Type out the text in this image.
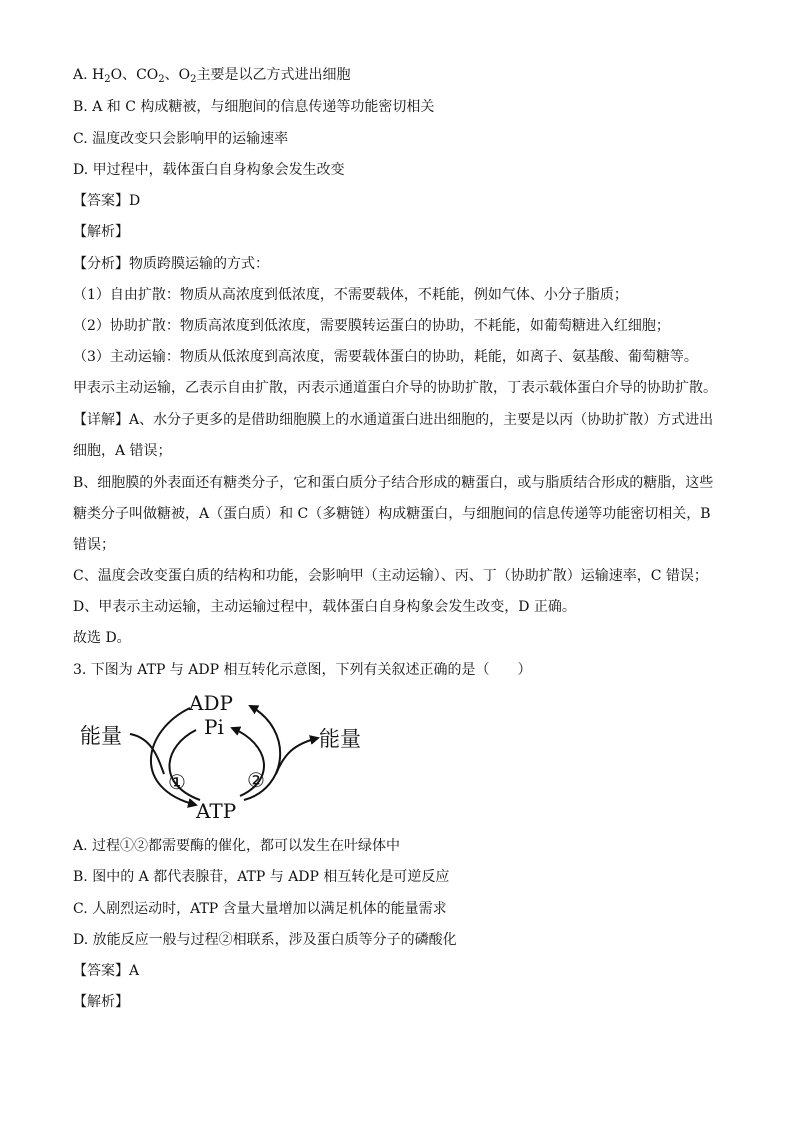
A. $H_2O$、$CO_2$、$O_2$主要是以乙方式进出细胞
B. A 和 C 构成糖被，与细胞间的信息传递等功能密切相关
C. 温度改变只会影响甲的运输速率
D. 甲过程中，载体蛋白自身构象会发生改变
【答案】D
【解析】
【分析】物质跨膜运输的方式：
（1）自由扩散：物质从高浓度到低浓度，不需要载体，不耗能，例如气体、小分子脂质；
（2）协助扩散：物质高浓度到低浓度，需要膜转运蛋白的协助，不耗能，如葡萄糖进入红细胞；
（3）主动运输：物质从低浓度到高浓度，需要载体蛋白的协助，耗能，如离子、氨基酸、葡萄糖等。
甲表示主动运输，乙表示自由扩散，丙表示通道蛋白介导的协助扩散，丁表示载体蛋白介导的协助扩散。
【详解】A、水分子更多的是借助细胞膜上的水通道蛋白进出细胞的，主要是以丙（协助扩散）方式进出
细胞，A 错误；
B、细胞膜的外表面还有糖类分子，它和蛋白质分子结合形成的糖蛋白，或与脂质结合形成的糖脂，这些
糖类分子叫做糖被，A（蛋白质）和 C（多糖链）构成糖蛋白，与细胞间的信息传递等功能密切相关，B
错误；
C、温度会改变蛋白质的结构和功能，会影响甲（主动运输）、丙、丁（协助扩散）运输速率，C 错误；
D、甲表示主动运输，主动运输过程中，载体蛋白自身构象会发生改变，D 正确。
故选 D。
3. 下图为 ATP 与 ADP 相互转化示意图，下列有关叙述正确的是（　　）
ADP
Pi
ATP
能量	能量
①	②
A. 过程①②都需要酶的催化，都可以发生在叶绿体中
B. 图中的 A 都代表腺苷，ATP 与 ADP 相互转化是可逆反应
C. 人剧烈运动时，ATP 含量大量增加以满足机体的能量需求
D. 放能反应一般与过程②相联系，涉及蛋白质等分子的磷酸化
【答案】A
【解析】
